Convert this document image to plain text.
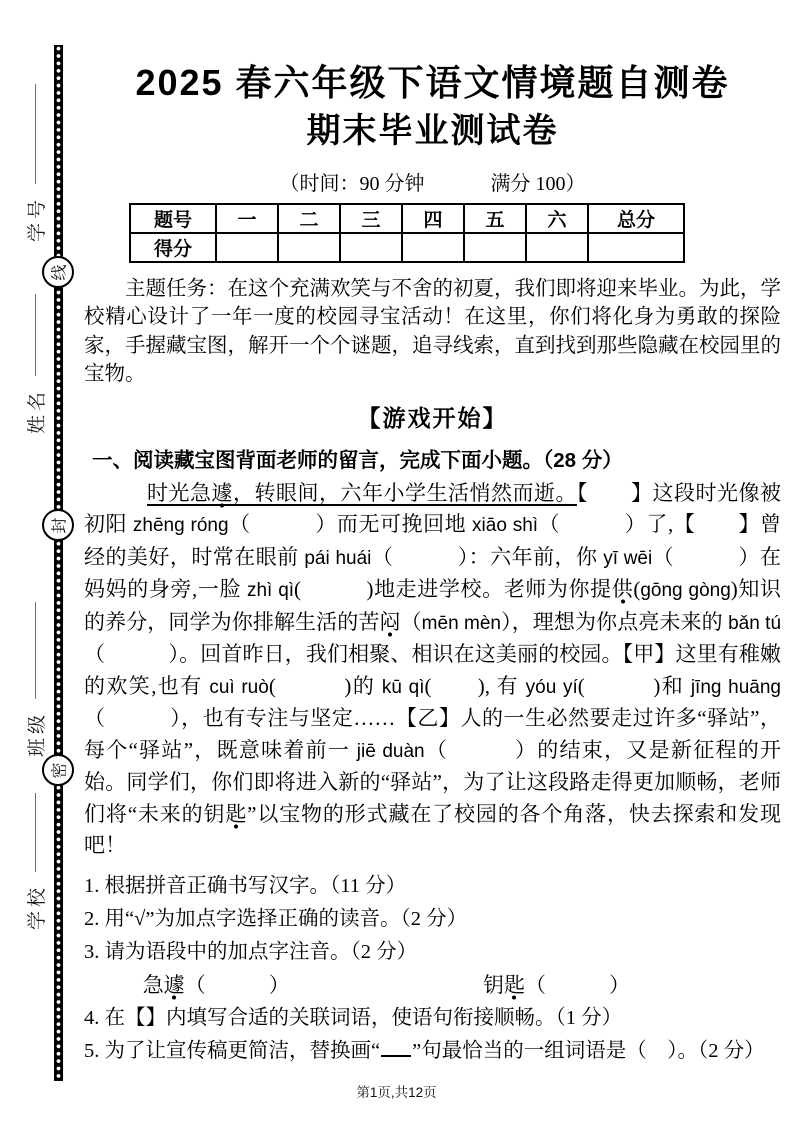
学号
姓名
班级
学校
线
封
密
2025 春六年级下语文情境题自测卷
期末毕业测试卷
（时间：90 分钟	满分 100）
题号	一	二	三	四	五	六	总分
得分							

主题任务：在这个充满欢笑与不舍的初夏，我们即将迎来毕业。为此，学校精心设计了一年一度的校园寻宝活动！在这里，你们将化身为勇敢的探险家，手握藏宝图，解开一个个谜题，追寻线索，直到找到那些隐藏在校园里的宝物。

【游戏开始】
一、阅读藏宝图背面老师的留言，完成下面小题。（28 分）

时光急遽，转眼间，六年小学生活悄然而逝。【　　】这段时光像被初阳 zhēng róng（　　　）而无可挽回地 xiāo shì（　　　）了,【　　】曾经的美好，时常在眼前 pái huái（　　　）：六年前，你 yī wēi（　　　）在妈妈的身旁,一脸 zhì qì(　　　)地走进学校。老师为你提供(gōng gòng)知识的养分，同学为你排解生活的苦闷（mēn mèn），理想为你点亮未来的 bǎn tú（　　　）。回首昨日，我们相聚、相识在这美丽的校园。【甲】这里有稚嫩的欢笑,也有 cuì ruò(　　　)的 kū qì(　　), 有 yóu yí(　　　)和 jīng huāng（　　　），也有专注与坚定……【乙】人的一生必然要走过许多“驿站”，每个“驿站”，既意味着前一 jiē duàn（　　　）的结束，又是新征程的开始。同学们，你们即将进入新的“驿站”，为了让这段路走得更加顺畅，老师们将“未来的钥匙”以宝物的形式藏在了校园的各个角落，快去探索和发现吧！

1. 根据拼音正确书写汉字。（11 分）
2. 用“√”为加点字选择正确的读音。（2 分）
3. 请为语段中的加点字注音。（2 分）
急遽（　　　）	钥匙（　　　）
4. 在【】内填写合适的关联词语，使语句衔接顺畅。（1 分）
5. 为了让宣传稿更简洁，替换画“ ”句最恰当的一组词语是（　）。（2 分）
第1页,共12页
